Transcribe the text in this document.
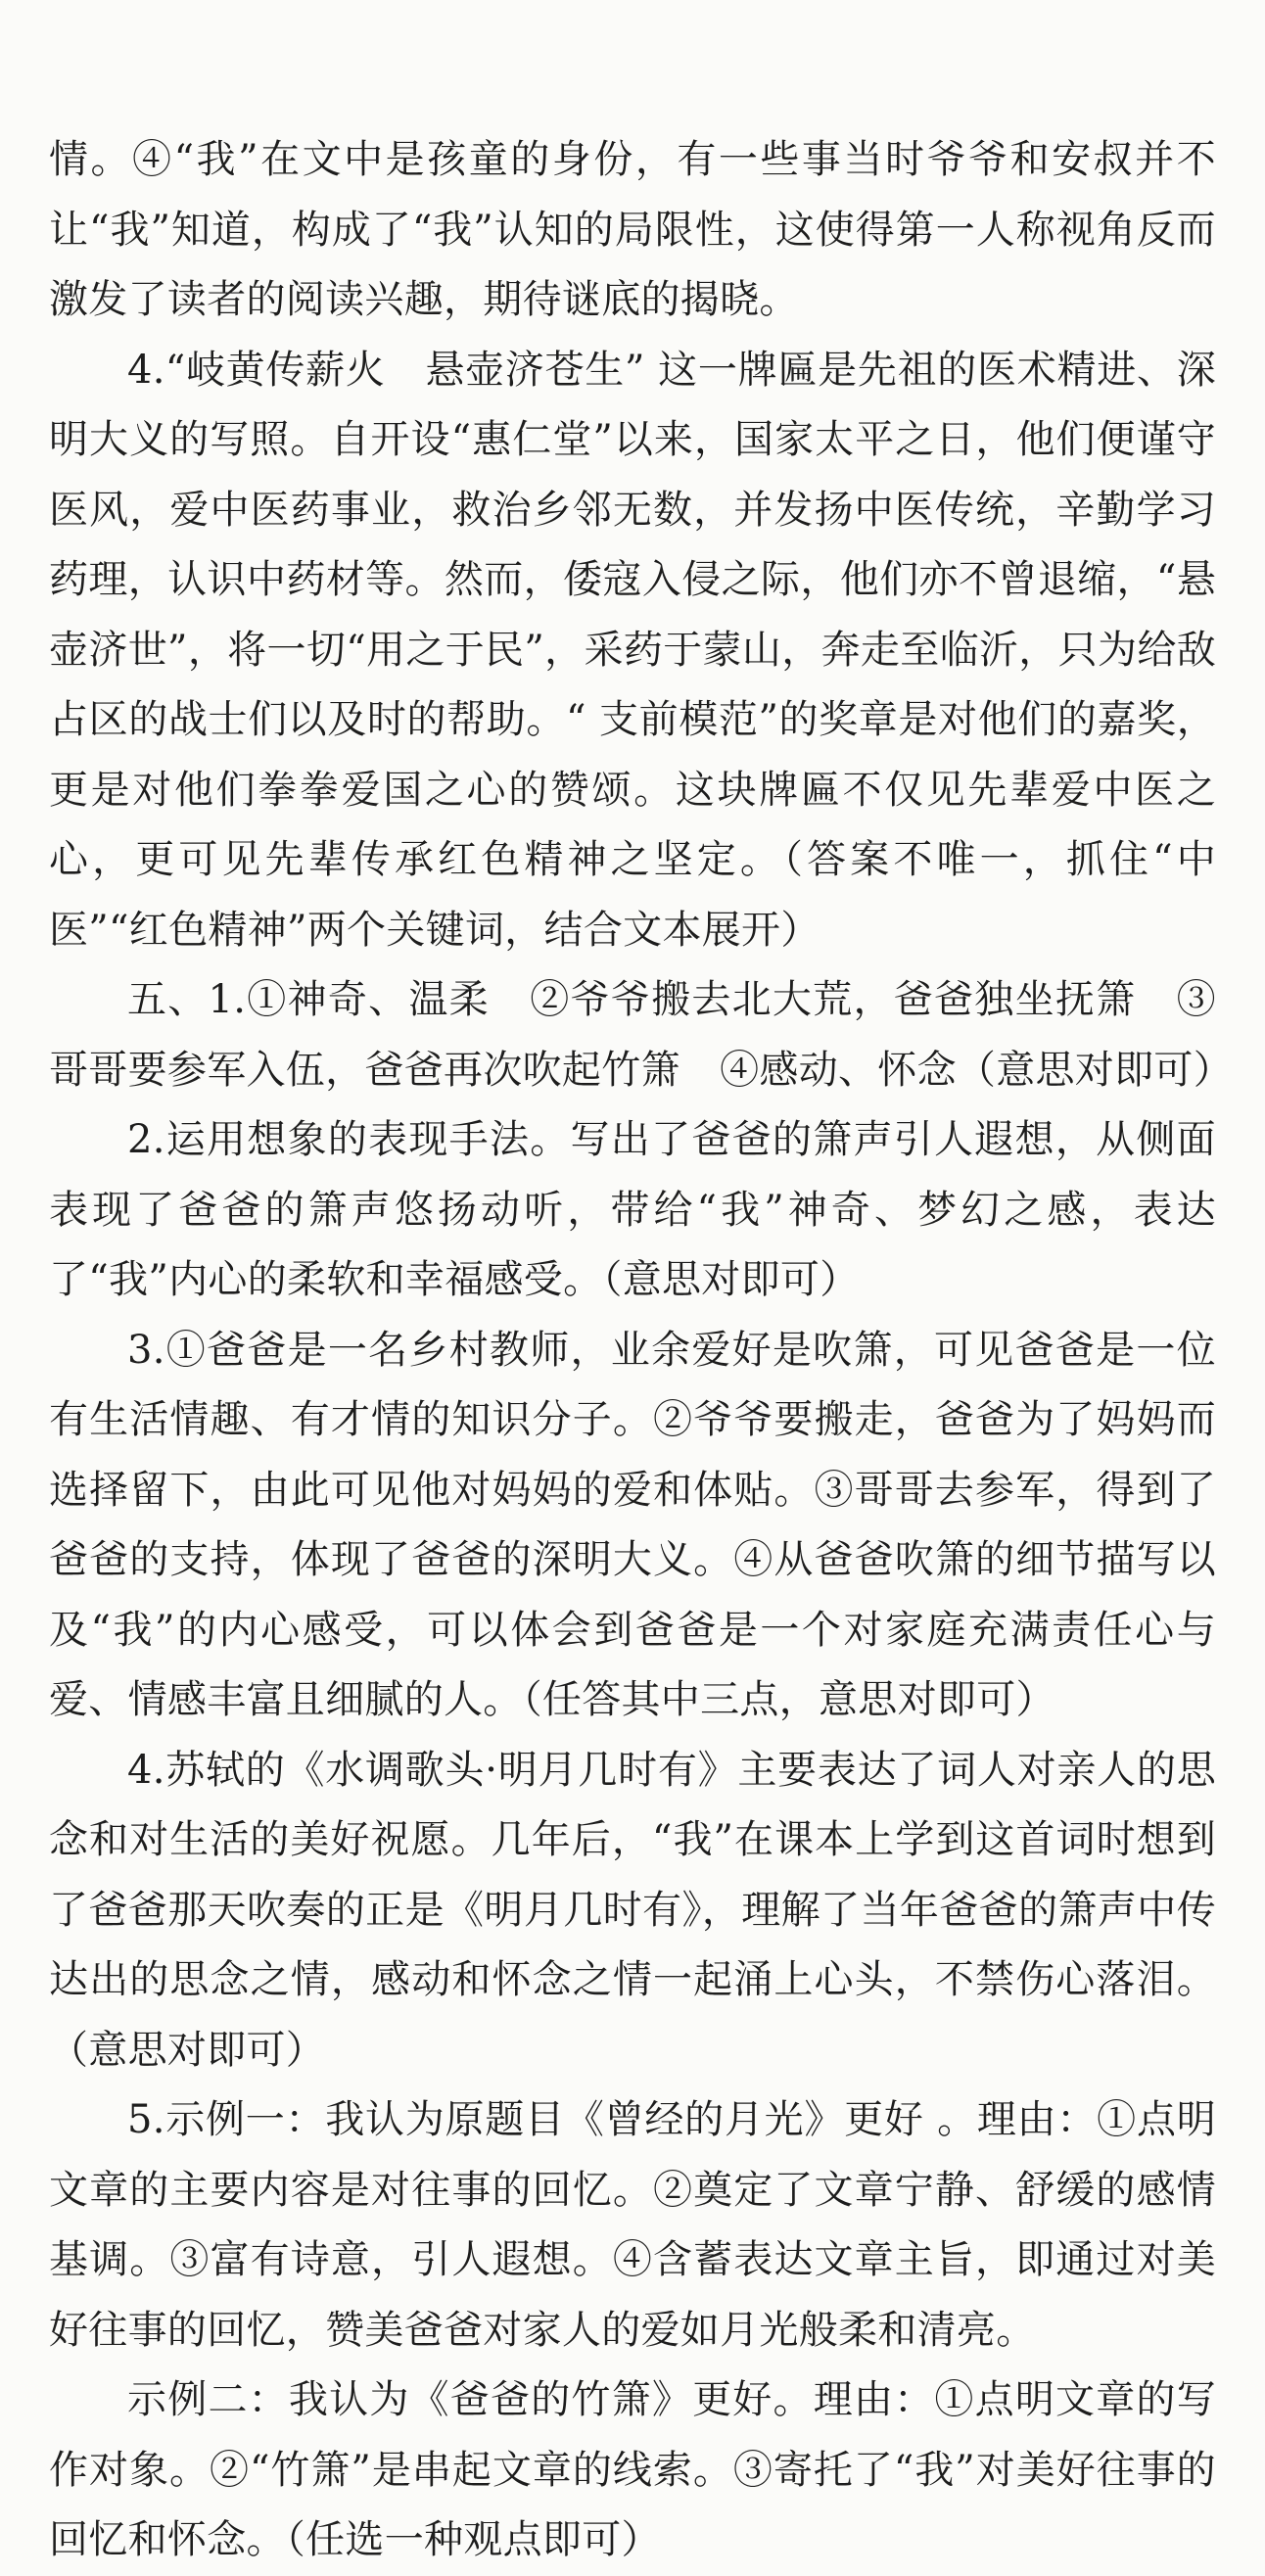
情。④“我”在文中是孩童的身份，有一些事当时爷爷和安叔并不让“我”知道，构成了“我”认知的局限性，这使得第一人称视角反而激发了读者的阅读兴趣，期待谜底的揭晓。

4.“岐黄传薪火　悬壶济苍生” 这一牌匾是先祖的医术精进、深明大义的写照。自开设“惠仁堂”以来，国家太平之日，他们便谨守医风，爱中医药事业，救治乡邻无数，并发扬中医传统，辛勤学习药理，认识中药材等。然而，倭寇入侵之际，他们亦不曾退缩，“悬壶济世”，将一切“用之于民”，采药于蒙山，奔走至临沂，只为给敌占区的战士们以及时的帮助。“ 支前模范”的奖章是对他们的嘉奖，更是对他们拳拳爱国之心的赞颂。这块牌匾不仅见先辈爱中医之心，更可见先辈传承红色精神之坚定。（答案不唯一，抓住“中医”“红色精神”两个关键词，结合文本展开）

五、1.①神奇、温柔　②爷爷搬去北大荒，爸爸独坐抚箫　③哥哥要参军入伍，爸爸再次吹起竹箫　④感动、怀念（意思对即可）

2.运用想象的表现手法。写出了爸爸的箫声引人遐想，从侧面表现了爸爸的箫声悠扬动听，带给“我”神奇、梦幻之感，表达了“我”内心的柔软和幸福感受。（意思对即可）

3.①爸爸是一名乡村教师，业余爱好是吹箫，可见爸爸是一位有生活情趣、有才情的知识分子。②爷爷要搬走，爸爸为了妈妈而选择留下，由此可见他对妈妈的爱和体贴。③哥哥去参军，得到了爸爸的支持，体现了爸爸的深明大义。④从爸爸吹箫的细节描写以及“我”的内心感受，可以体会到爸爸是一个对家庭充满责任心与爱、情感丰富且细腻的人。（任答其中三点，意思对即可）

4.苏轼的《水调歌头·明月几时有》主要表达了词人对亲人的思念和对生活的美好祝愿。几年后，“我”在课本上学到这首词时想到了爸爸那天吹奏的正是《明月几时有》，理解了当年爸爸的箫声中传达出的思念之情，感动和怀念之情一起涌上心头，不禁伤心落泪。（意思对即可）

5.示例一：我认为原题目《曾经的月光》更好 。理由：①点明文章的主要内容是对往事的回忆。②奠定了文章宁静、舒缓的感情基调。③富有诗意，引人遐想。④含蓄表达文章主旨，即通过对美好往事的回忆，赞美爸爸对家人的爱如月光般柔和清亮。

示例二：我认为《爸爸的竹箫》更好。理由：①点明文章的写作对象。②“竹箫”是串起文章的线索。③寄托了“我”对美好往事的回忆和怀念。（任选一种观点即可）
